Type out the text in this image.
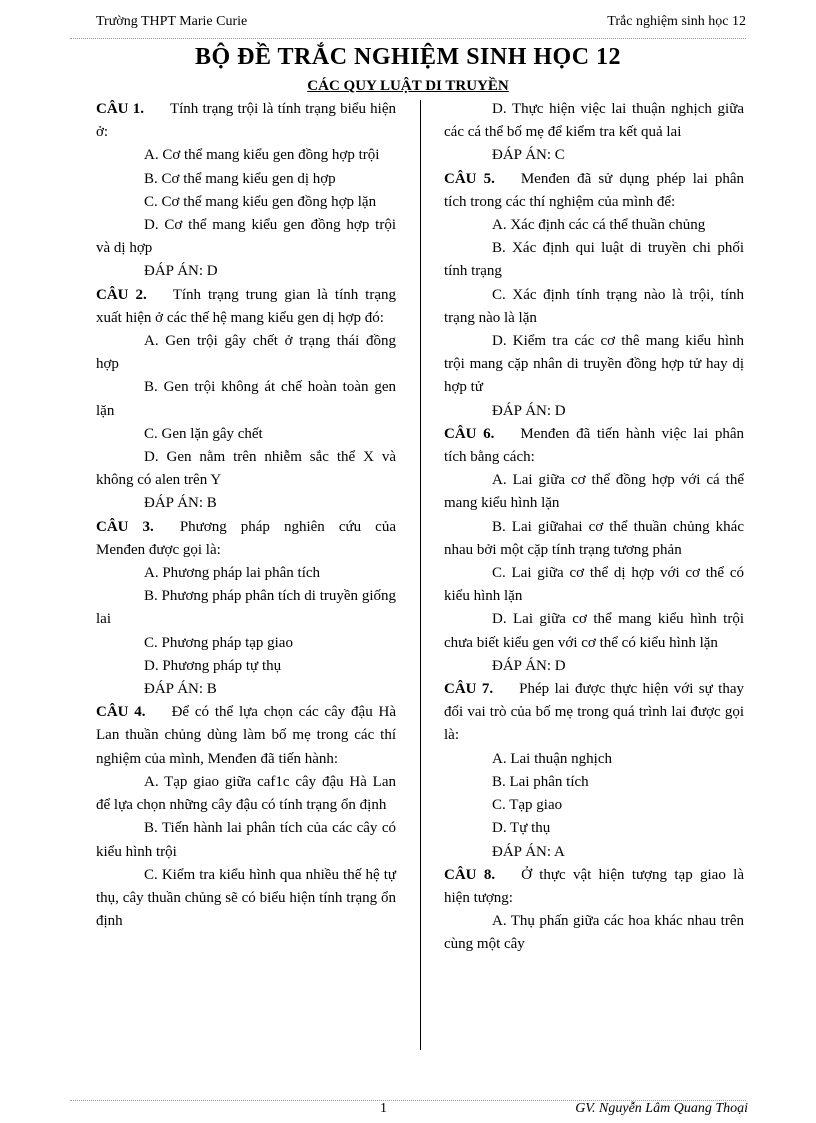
Trường THPT Marie Curie	Trắc nghiệm sinh học 12
BỘ ĐỀ TRẮC NGHIỆM SINH HỌC 12
CÁC QUY LUẬT DI TRUYỀN

CÂU 1. Tính trạng trội là tính trạng biểu hiện ở:

A. Cơ thể mang kiểu gen đồng hợp trội

B. Cơ thể mang kiểu gen dị hợp

C. Cơ thể mang kiểu gen đồng hợp lặn

D. Cơ thể mang kiểu gen đồng hợp trội và dị hợp

ĐÁP ÁN: D

CÂU 2. Tính trạng trung gian là tính trạng xuất hiện ở các thế hệ mang kiểu gen dị hợp đó:

A. Gen trội gây chết ở trạng thái đồng hợp

B. Gen trội không át chế hoàn toàn gen lặn

C. Gen lặn gây chết

D. Gen nằm trên nhiễm sắc thể X và không có alen trên Y

ĐÁP ÁN: B

CÂU 3. Phương pháp nghiên cứu của Menđen được gọi là:

A. Phương pháp lai phân tích

B. Phương pháp phân tích di truyền giống lai

C. Phương pháp tạp giao

D. Phương pháp tự thụ

ĐÁP ÁN: B

CÂU 4. Để có thể lựa chọn các cây đậu Hà Lan thuần chủng dùng làm bố mẹ trong các thí nghiệm của mình, Menđen đã tiến hành:

A. Tạp giao giữa caf1c cây đậu Hà Lan để lựa chọn những cây đậu có tính trạng ổn định

B. Tiến hành lai phân tích của các cây có kiểu hình trội

C. Kiểm tra kiểu hình qua nhiều thế hệ tự thụ, cây thuần chủng sẽ có biểu hiện tính trạng ổn định

D. Thực hiện việc lai thuận nghịch giữa các cá thể bố mẹ để kiểm tra kết quả lai

ĐÁP ÁN: C

CÂU 5. Menđen đã sử dụng phép lai phân tích trong các thí nghiệm của mình để:

A. Xác định các cá thể thuần chủng

B. Xác định qui luật di truyền chi phối tính trạng

C. Xác định tính trạng nào là trội, tính trạng nào là lặn

D. Kiểm tra các cơ thê mang kiểu hình trội mang cặp nhân di truyền đồng hợp tử hay dị hợp tử

ĐÁP ÁN: D

CÂU 6. Menđen đã tiến hành việc lai phân tích bằng cách:

A. Lai giữa cơ thể đồng hợp với cá thể mang kiểu hình lặn

B. Lai giữahai cơ thể thuần chủng khác nhau bởi một cặp tính trạng tương phản

C. Lai giữa cơ thể dị hợp với cơ thể có kiểu hình lặn

D. Lai giữa cơ thể mang kiểu hình trội chưa biết kiểu gen với cơ thể có kiểu hình lặn

ĐÁP ÁN: D

CÂU 7. Phép lai được thực hiện với sự thay đổi vai trò của bố mẹ trong quá trình lai được gọi là:

A. Lai thuận nghịch

B. Lai phân tích

C. Tạp giao

D. Tự thụ

ĐÁP ÁN: A

CÂU 8. Ở thực vật hiện tượng tạp giao là hiện tượng:

A. Thụ phấn giữa các hoa khác nhau trên cùng một cây

1	GV. Nguyễn Lâm Quang Thoại
